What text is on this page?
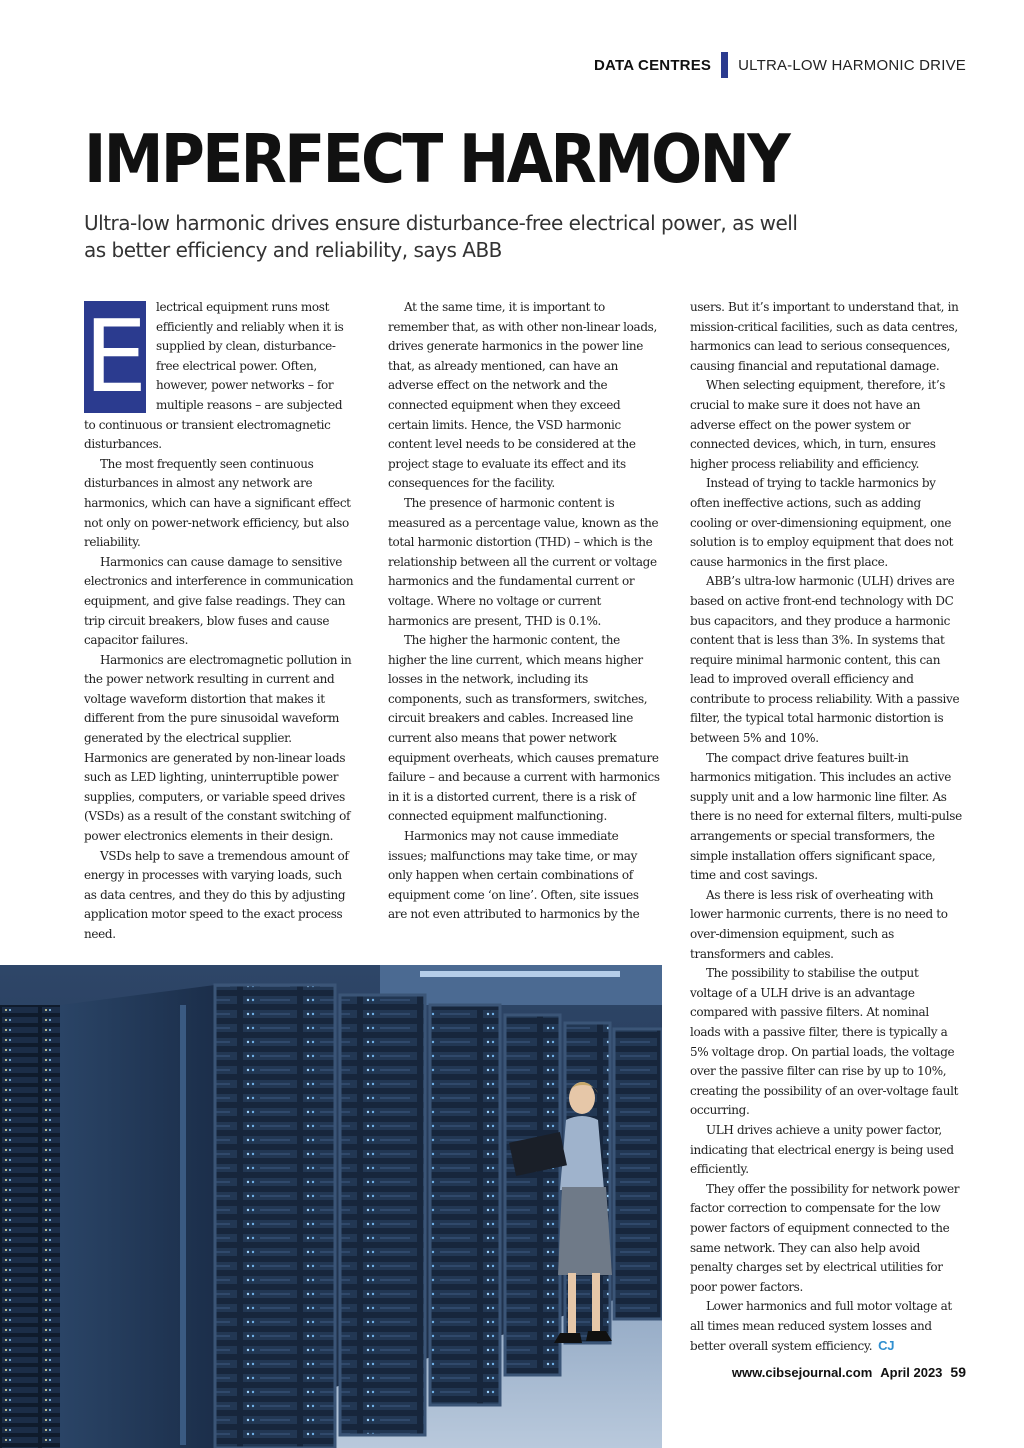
DATA CENTRES ULTRA-LOW HARMONIC DRIVE
IMPERFECT HARMONY
Ultra-low harmonic drives ensure disturbance-free electrical power, as well as better efficiency and reliability, says ABB
E lectrical equipment runs most efficiently and reliably when it is supplied by clean, disturbance-free electrical power. Often, however, power networks – for multiple reasons – are subjected to continuous or transient electromagnetic disturbances.

The most frequently seen continuous disturbances in almost any network are harmonics, which can have a significant effect not only on power-network efficiency, but also reliability.

Harmonics can cause damage to sensitive electronics and interference in communication equipment, and give false readings. They can trip circuit breakers, blow fuses and cause capacitor failures.

Harmonics are electromagnetic pollution in the power network resulting in current and voltage waveform distortion that makes it different from the pure sinusoidal waveform generated by the electrical supplier. Harmonics are generated by non-linear loads such as LED lighting, uninterruptible power supplies, computers, or variable speed drives (VSDs) as a result of the constant switching of power electronics elements in their design.

VSDs help to save a tremendous amount of energy in processes with varying loads, such as data centres, and they do this by adjusting application motor speed to the exact process need.

At the same time, it is important to remember that, as with other non-linear loads, drives generate harmonics in the power line that, as already mentioned, can have an adverse effect on the network and the connected equipment when they exceed certain limits. Hence, the VSD harmonic content level needs to be considered at the project stage to evaluate its effect and its consequences for the facility.

The presence of harmonic content is measured as a percentage value, known as the total harmonic distortion (THD) – which is the relationship between all the current or voltage harmonics and the fundamental current or voltage. Where no voltage or current harmonics are present, THD is 0.1%.

The higher the harmonic content, the higher the line current, which means higher losses in the network, including its components, such as transformers, switches, circuit breakers and cables. Increased line current also means that power network equipment overheats, which causes premature failure – and because a current with harmonics in it is a distorted current, there is a risk of connected equipment malfunctioning.

Harmonics may not cause immediate issues; malfunctions may take time, or may only happen when certain combinations of equipment come ‘on line’. Often, site issues are not even attributed to harmonics by the

users. But it’s important to understand that, in mission-critical facilities, such as data centres, harmonics can lead to serious consequences, causing financial and reputational damage.

When selecting equipment, therefore, it’s crucial to make sure it does not have an adverse effect on the power system or connected devices, which, in turn, ensures higher process reliability and efficiency.

Instead of trying to tackle harmonics by often ineffective actions, such as adding cooling or over-dimensioning equipment, one solution is to employ equipment that does not cause harmonics in the first place.

ABB’s ultra-low harmonic (ULH) drives are based on active front-end technology with DC bus capacitors, and they produce a harmonic content that is less than 3%. In systems that require minimal harmonic content, this can lead to improved overall efficiency and contribute to process reliability. With a passive filter, the typical total harmonic distortion is between 5% and 10%.

The compact drive features built-in harmonics mitigation. This includes an active supply unit and a low harmonic line filter. As there is no need for external filters, multi-pulse arrangements or special transformers, the simple installation offers significant space, time and cost savings.

As there is less risk of overheating with lower harmonic currents, there is no need to over-dimension equipment, such as transformers and cables.

The possibility to stabilise the output voltage of a ULH drive is an advantage compared with passive filters. At nominal loads with a passive filter, there is typically a 5% voltage drop. On partial loads, the voltage over the passive filter can rise by up to 10%, creating the possibility of an over-voltage fault occurring.

ULH drives achieve a unity power factor, indicating that electrical energy is being used efficiently.

They offer the possibility for network power factor correction to compensate for the low power factors of equipment connected to the same network. They can also help avoid penalty charges set by electrical utilities for poor power factors.

Lower harmonics and full motor voltage at all times mean reduced system losses and better overall system efficiency. CJ

www.cibsejournal.com April 2023 59
